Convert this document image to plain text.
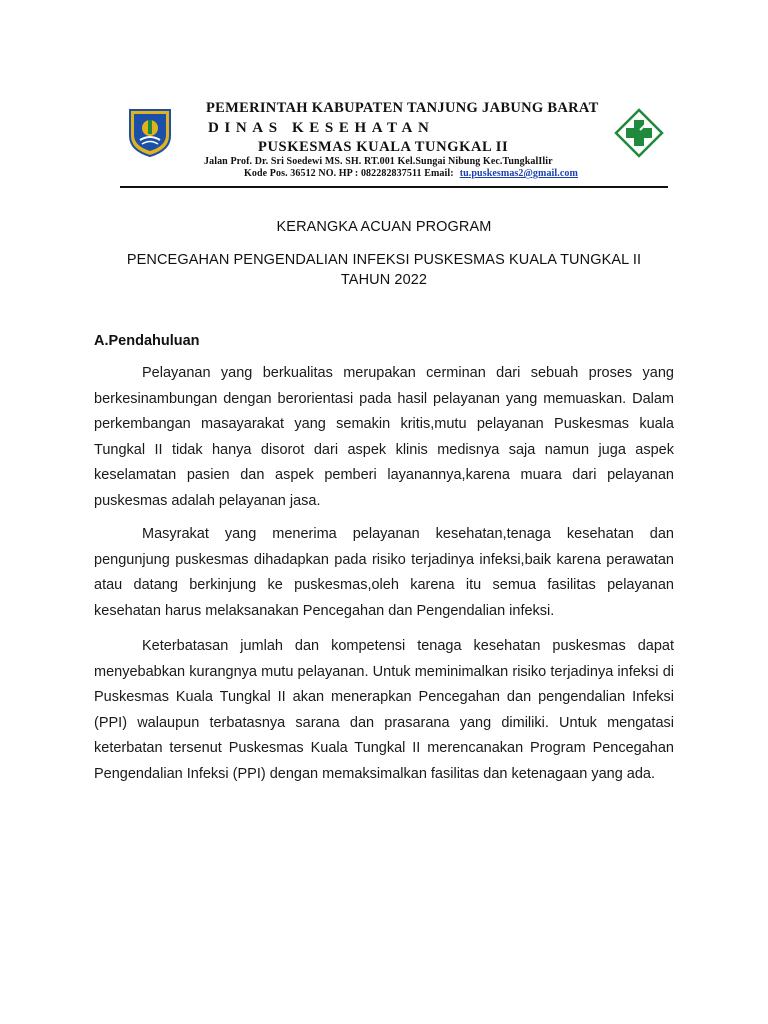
PEMERINTAH KABUPATEN TANJUNG JABUNG BARAT
DINAS KESEHATAN
PUSKESMAS KUALA TUNGKAL II
Jalan Prof. Dr. Sri Soedewi MS. SH. RT.001 Kel.Sungai Nibung Kec.TungkalIlir
Kode Pos. 36512 NO. HP : 082282837511 Email: tu.puskesmas2@gmail.com
KERANGKA ACUAN PROGRAM
PENCEGAHAN PENGENDALIAN INFEKSI PUSKESMAS KUALA TUNGKAL II
TAHUN 2022
A.Pendahuluan

Pelayanan yang berkualitas merupakan cerminan dari sebuah proses yang berkesinambungan dengan berorientasi pada hasil pelayanan yang memuaskan. Dalam perkembangan masayarakat yang semakin kritis,mutu pelayanan Puskesmas kuala Tungkal II tidak hanya disorot dari aspek klinis medisnya saja namun juga aspek keselamatan pasien dan aspek pemberi layanannya,karena muara dari pelayanan puskesmas adalah pelayanan jasa.

Masyrakat yang menerima pelayanan kesehatan,tenaga kesehatan dan pengunjung puskesmas dihadapkan pada risiko terjadinya infeksi,baik karena perawatan atau datang berkinjung ke puskesmas,oleh karena itu semua fasilitas pelayanan kesehatan harus melaksanakan Pencegahan dan Pengendalian infeksi.

Keterbatasan jumlah dan kompetensi tenaga kesehatan puskesmas dapat menyebabkan kurangnya mutu pelayanan. Untuk meminimalkan risiko terjadinya infeksi di Puskesmas Kuala Tungkal II akan menerapkan Pencegahan dan pengendalian Infeksi (PPI) walaupun terbatasnya sarana dan prasarana yang dimiliki. Untuk mengatasi keterbatan tersenut Puskesmas Kuala Tungkal II merencanakan Program Pencegahan Pengendalian Infeksi (PPI) dengan memaksimalkan fasilitas dan ketenagaan yang ada.
